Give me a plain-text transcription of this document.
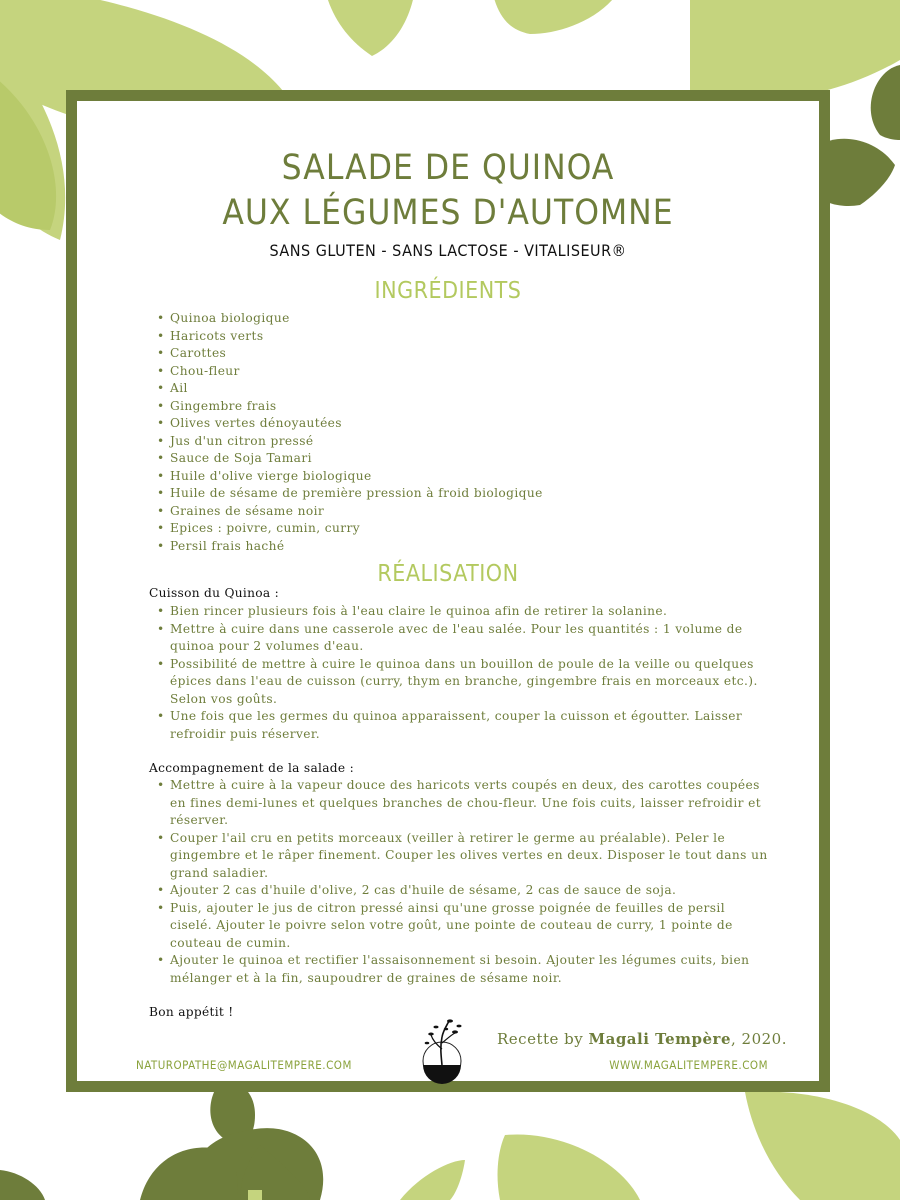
SALADE DE QUINOA
AUX LÉGUMES D'AUTOMNE

SANS GLUTEN - SANS LACTOSE - VITALISEUR®

INGRÉDIENTS
• Quinoa biologique
• Haricots verts
• Carottes
• Chou-fleur
• Ail
• Gingembre frais
• Olives vertes dénoyautées
• Jus d'un citron pressé
• Sauce de Soja Tamari
• Huile d'olive vierge biologique
• Huile de sésame de première pression à froid biologique
• Graines de sésame noir
• Epices : poivre, cumin, curry
• Persil frais haché
RÉALISATION

Cuisson du Quinoa :

• Bien rincer plusieurs fois à l'eau claire le quinoa afin de retirer la solanine.
• Mettre à cuire dans une casserole avec de l'eau salée. Pour les quantités : 1 volume de quinoa pour 2 volumes d'eau.
• Possibilité de mettre à cuire le quinoa dans un bouillon de poule de la veille ou quelques épices dans l'eau de cuisson (curry, thym en branche, gingembre frais en morceaux etc.). Selon vos goûts.
• Une fois que les germes du quinoa apparaissent, couper la cuisson et égoutter. Laisser refroidir puis réserver.

Accompagnement de la salade :

• Mettre à cuire à la vapeur douce des haricots verts coupés en deux, des carottes coupées en fines demi-lunes et quelques branches de chou-fleur. Une fois cuits, laisser refroidir et réserver.
• Couper l'ail cru en petits morceaux (veiller à retirer le germe au préalable). Peler le gingembre et le râper finement. Couper les olives vertes en deux. Disposer le tout dans un grand saladier.
• Ajouter 2 cas d'huile d'olive, 2 cas d'huile de sésame, 2 cas de sauce de soja.
• Puis, ajouter le jus de citron pressé ainsi qu'une grosse poignée de feuilles de persil ciselé. Ajouter le poivre selon votre goût, une pointe de couteau de curry, 1 pointe de couteau de cumin.
• Ajouter le quinoa et rectifier l'assaisonnement si besoin. Ajouter les légumes cuits, bien mélanger et à la fin, saupoudrer de graines de sésame noir.

Bon appétit !

Recette by Magali Tempère, 2020.

NATUROPATHE@MAGALITEMPERE.COM	WWW.MAGALITEMPERE.COM
